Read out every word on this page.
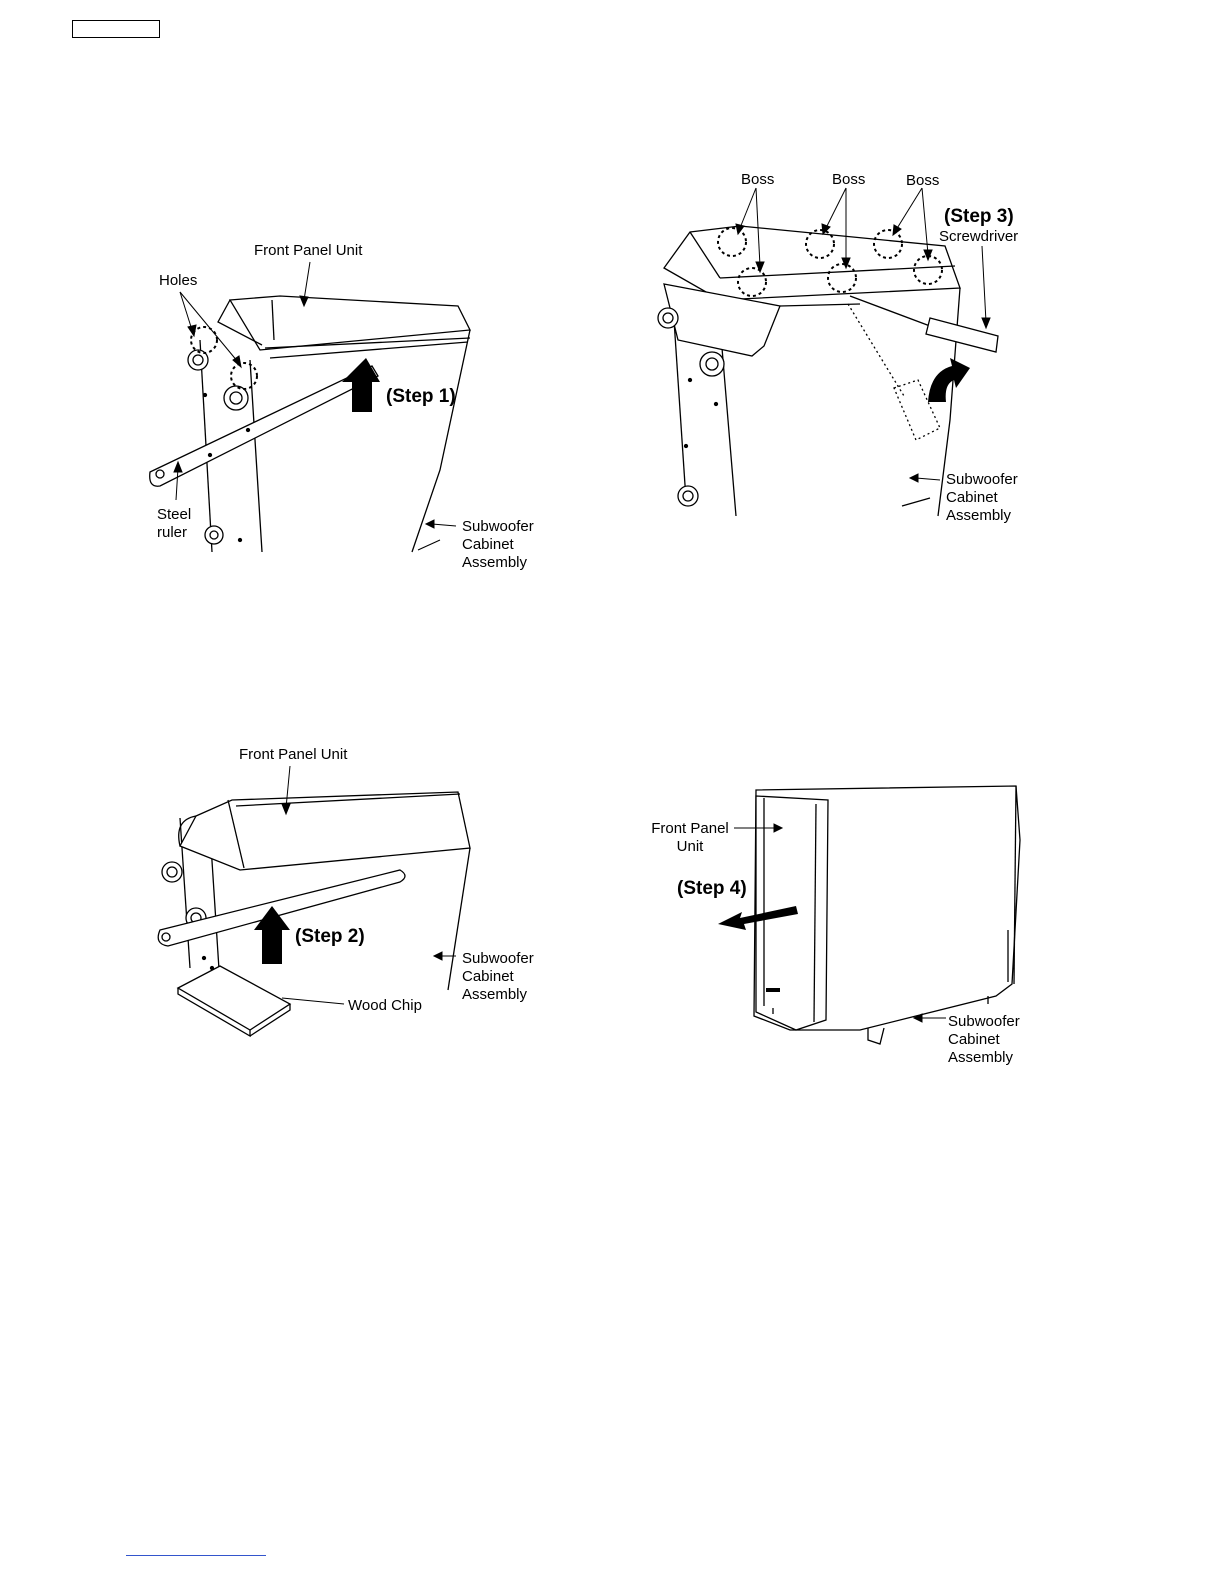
Front Panel Unit
Holes
(Step 1)
Steel
ruler	Subwoofer
Cabinet
Assembly
Boss	Boss	Boss
(Step 3)
Screwdriver
Subwoofer
Cabinet
Assembly
Front Panel Unit
(Step 2)
Wood Chip
Subwoofer
Cabinet
Assembly
Front Panel
Unit
(Step 4)
Subwoofer
Cabinet
Assembly
